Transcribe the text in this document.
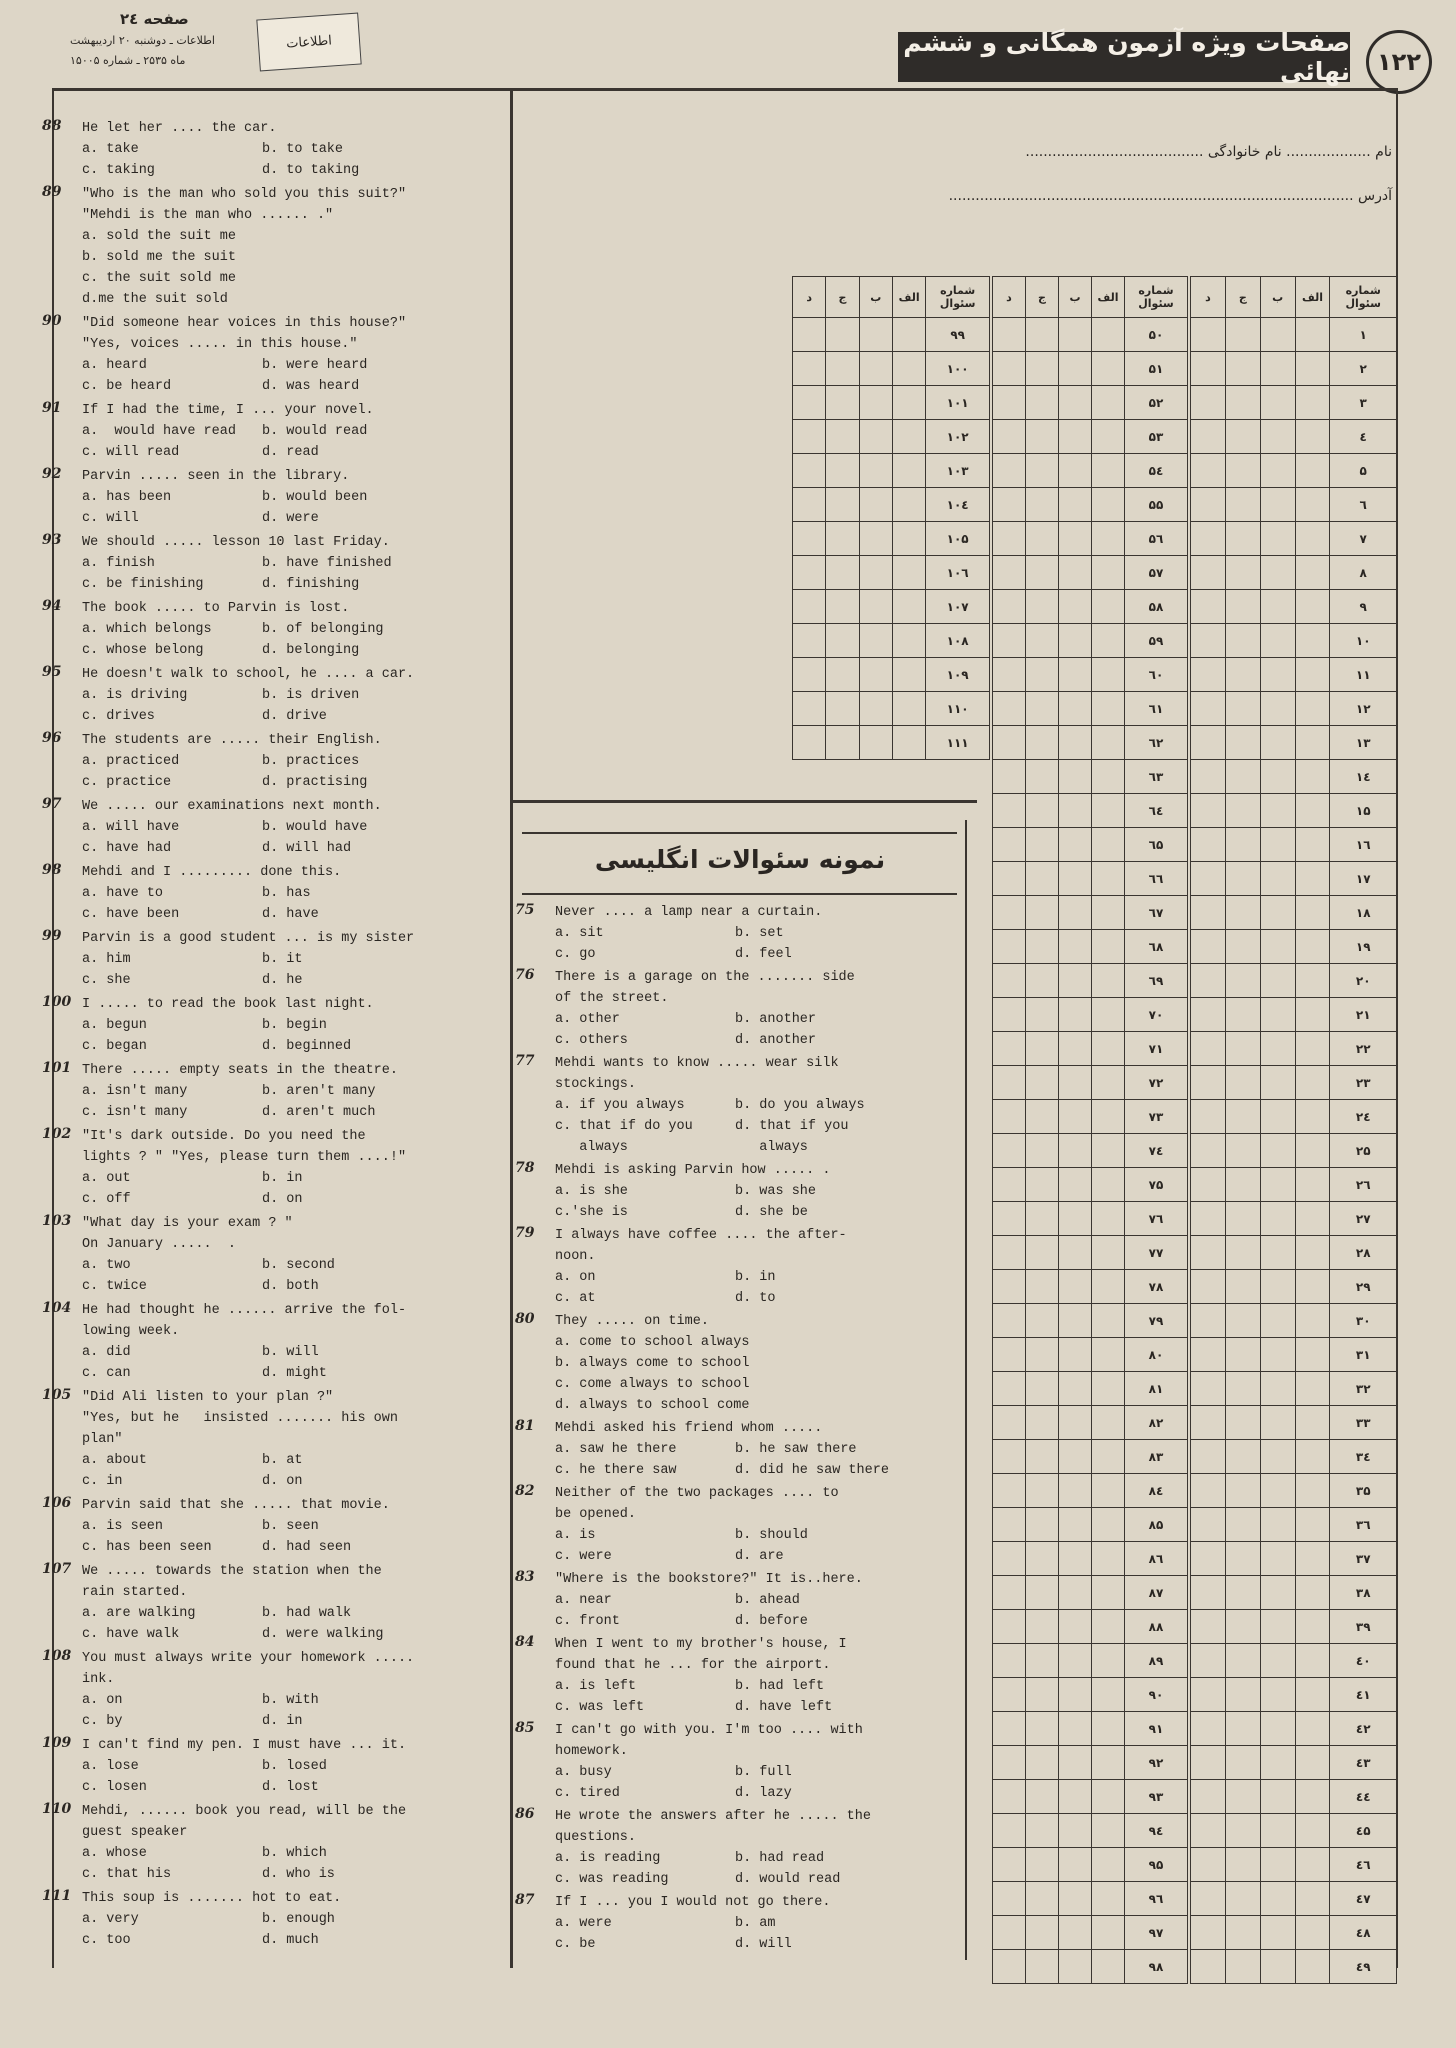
صفحه ۲٤
اطلاعات ـ دوشنبه ۲۰ اردیبهشت
ماه ۲۵۳۵ ـ شماره ۱۵۰۰۵
اطلاعات	صفحات ویژه آزمون همگانی و ششم نهائی	۱۲۲
نام ................... نام خانوادگی ........................................
آدرس ...........................................................................................
د	ج	ب	الف	شماره سئوال
				۱
				۲
				۳
				٤
				۵
				٦
				۷
				۸
				۹
				۱۰
				۱۱
				۱۲
				۱۳
				۱٤
				۱۵
				۱٦
				۱۷
				۱۸
				۱۹
				۲۰
				۲۱
				۲۲
				۲۳
				۲٤
				۲۵
				۲٦
				۲۷
				۲۸
				۲۹
				۳۰
				۳۱
				۳۲
				۳۳
				۳٤
				۳۵
				۳٦
				۳۷
				۳۸
				۳۹
				٤۰
				٤۱
				٤۲
				٤۳
				٤٤
				٤۵
				٤٦
				٤۷
				٤۸
				٤۹
د	ج	ب	الف	شماره سئوال
				۵۰
				۵۱
				۵۲
				۵۳
				۵٤
				۵۵
				۵٦
				۵۷
				۵۸
				۵۹
				٦۰
				٦۱
				٦۲
				٦۳
				٦٤
				٦۵
				٦٦
				٦۷
				٦۸
				٦۹
				۷۰
				۷۱
				۷۲
				۷۳
				۷٤
				۷۵
				۷٦
				۷۷
				۷۸
				۷۹
				۸۰
				۸۱
				۸۲
				۸۳
				۸٤
				۸۵
				۸٦
				۸۷
				۸۸
				۸۹
				۹۰
				۹۱
				۹۲
				۹۳
				۹٤
				۹۵
				۹٦
				۹۷
				۹۸
د	ج	ب	الف	شماره سئوال
				۹۹
				۱۰۰
				۱۰۱
				۱۰۲
				۱۰۳
				۱۰٤
				۱۰۵
				۱۰٦
				۱۰۷
				۱۰۸
				۱۰۹
				۱۱۰
				۱۱۱
نمونه سئوالات انگلیسی
88 He let her .... the car.
a. take	b. to take
c. taking	d. to taking
89 "Who is the man who sold you this suit?"
"Mehdi is the man who ...... ."
a. sold the suit me
b. sold me the suit
c. the suit sold me
d.me the suit sold
90 "Did someone hear voices in this house?"
"Yes, voices ..... in this house."
a. heard	b. were heard
c. be heard	d. was heard
91 If I had the time, I ... your novel.
a.  would have read	b. would read
c. will read	d. read
92 Parvin ..... seen in the library.
a. has been	b. would been
c. will	d. were
93 We should ..... lesson 10 last Friday.
a. finish	b. have finished
c. be finishing	d. finishing
94 The book ..... to Parvin is lost.
a. which belongs	b. of belonging
c. whose belong	d. belonging
95 He doesn't walk to school, he .... a car.
a. is driving	b. is driven
c. drives	d. drive
96 The students are ..... their English.
a. practiced	b. practices
c. practice	d. practising
97 We ..... our examinations next month.
a. will have	b. would have
c. have had	d. will had
98 Mehdi and I ......... done this.
a. have to	b. has
c. have been	d. have
99 Parvin is a good student ... is my sister
a. him	b. it
c. she	d. he
100 I ..... to read the book last night.
a. begun	b. begin
c. began	d. beginned
101 There ..... empty seats in the theatre.
a. isn't many	b. aren't many
c. isn't many	d. aren't much
102 "It's dark outside. Do you need the
lights ? " "Yes, please turn them ....!"
a. out	b. in
c. off	d. on
103 "What day is your exam ? "
On January .....  .
a. two	b. second
c. twice	d. both
104 He had thought he ...... arrive the fol-
lowing week.
a. did	b. will
c. can	d. might
105 "Did Ali listen to your plan ?"
"Yes, but he   insisted ....... his own
plan"
a. about	b. at
c. in	d. on
106 Parvin said that she ..... that movie.
a. is seen	b. seen
c. has been seen	d. had seen
107 We ..... towards the station when the
rain started.
a. are walking	b. had walk
c. have walk	d. were walking
108 You must always write your homework .....
ink.
a. on	b. with
c. by	d. in
109 I can't find my pen. I must have ... it.
a. lose	b. losed
c. losen	d. lost
110 Mehdi, ...... book you read, will be the
guest speaker
a. whose	b. which
c. that his	d. who is
111 This soup is ....... hot to eat.
a. very	b. enough
c. too	d. much
75 Never .... a lamp near a curtain.
a. sit	b. set
c. go	d. feel
76 There is a garage on the ....... side
of the street.
a. other	b. another
c. others	d. another
77 Mehdi wants to know ..... wear silk
stockings.
a. if you always	b. do you always
c. that if do you
always
d. that if you
always
78 Mehdi is asking Parvin how ..... .
a. is she	b. was she
c.'she is	d. she be
79 I always have coffee .... the after-
noon.
a. on	b. in
c. at	d. to
80 They ..... on time.
a. come to school always
b. always come to school
c. come always to school
d. always to school come
81 Mehdi asked his friend whom .....
a. saw he there	b. he saw there
c. he there saw	d. did he saw there
82 Neither of the two packages .... to
be opened.
a. is	b. should
c. were	d. are
83 "Where is the bookstore?" It is..here.
a. near	b. ahead
c. front	d. before
84 When I went to my brother's house, I
found that he ... for the airport.
a. is left	b. had left
c. was left	d. have left
85 I can't go with you. I'm too .... with
homework.
a. busy	b. full
c. tired	d. lazy
86 He wrote the answers after he ..... the
questions.
a. is reading	b. had read
c. was reading	d. would read
87 If I ... you I would not go there.
a. were	b. am
c. be	d. will
